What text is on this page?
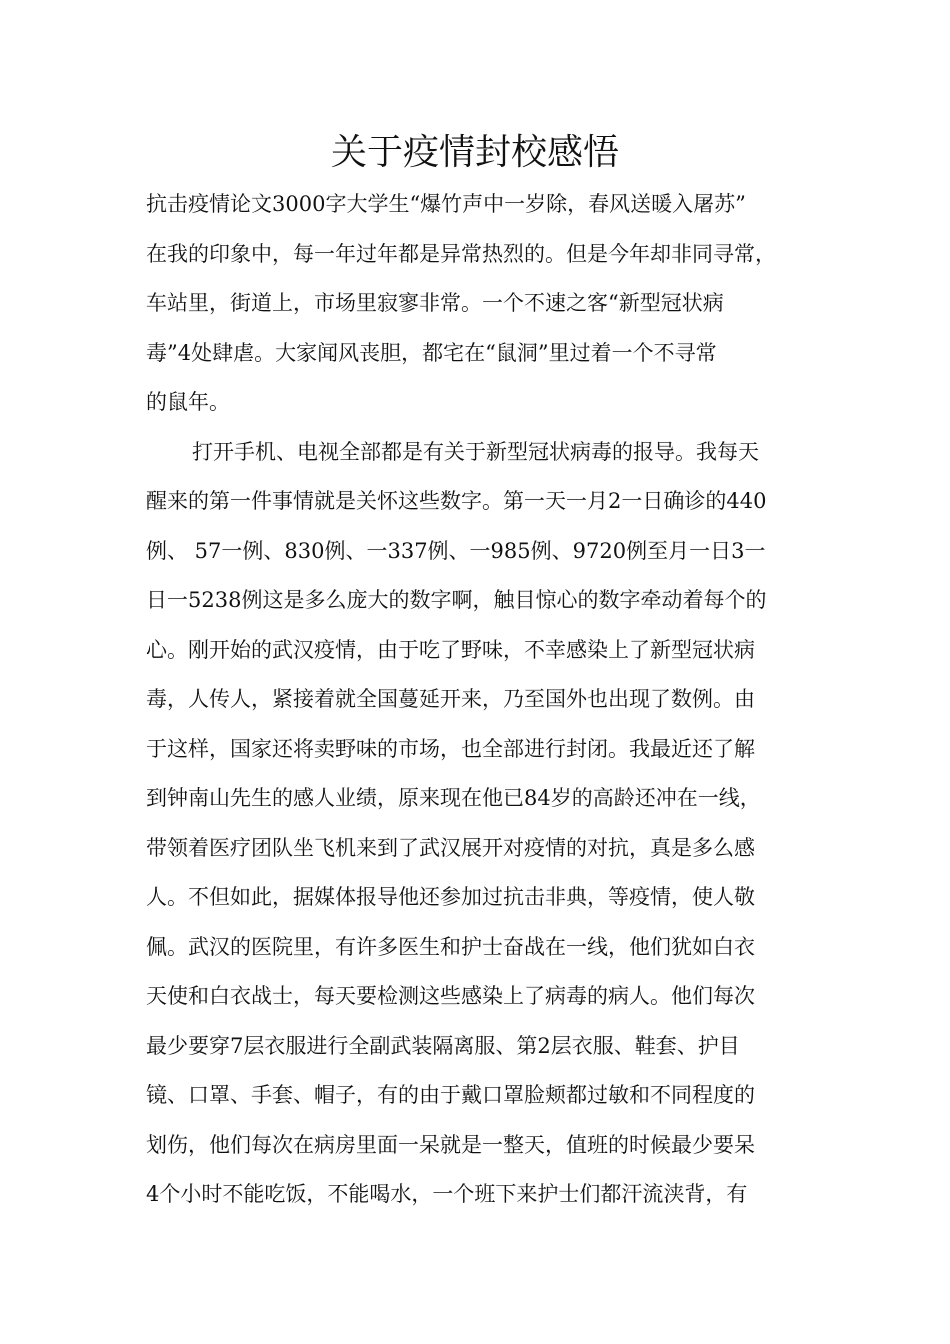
关于疫情封校感悟
抗击疫情论文3000字大学生“爆竹声中一岁除，春风送暖入屠苏”
在我的印象中，每一年过年都是异常热烈的。但是今年却非同寻常，
车站里，街道上，市场里寂寥非常。一个不速之客“新型冠状病
毒”4处肆虐。大家闻风丧胆，都宅在“鼠洞”里过着一个不寻常
的鼠年。
打开手机、电视全部都是有关于新型冠状病毒的报导。我每天
醒来的第一件事情就是关怀这些数字。第一天一月2一日确诊的440
例、 57一例、830例、一337例、一985例、9720例至月一日3一
日一5238例这是多么庞大的数字啊，触目惊心的数字牵动着每个的
心。刚开始的武汉疫情，由于吃了野味，不幸感染上了新型冠状病
毒，人传人，紧接着就全国蔓延开来，乃至国外也出现了数例。由
于这样，国家还将卖野味的市场，也全部进行封闭。我最近还了解
到钟南山先生的感人业绩，原来现在他已84岁的高龄还冲在一线，
带领着医疗团队坐飞机来到了武汉展开对疫情的对抗，真是多么感
人。不但如此，据媒体报导他还参加过抗击非典，等疫情，使人敬
佩。武汉的医院里，有许多医生和护士奋战在一线，他们犹如白衣
天使和白衣战士，每天要检测这些感染上了病毒的病人。他们每次
最少要穿7层衣服进行全副武装隔离服、第2层衣服、鞋套、护目
镜、口罩、手套、帽子，有的由于戴口罩脸颊都过敏和不同程度的
划伤，他们每次在病房里面一呆就是一整天，值班的时候最少要呆
4个小时不能吃饭，不能喝水，一个班下来护士们都汗流浃背，有
